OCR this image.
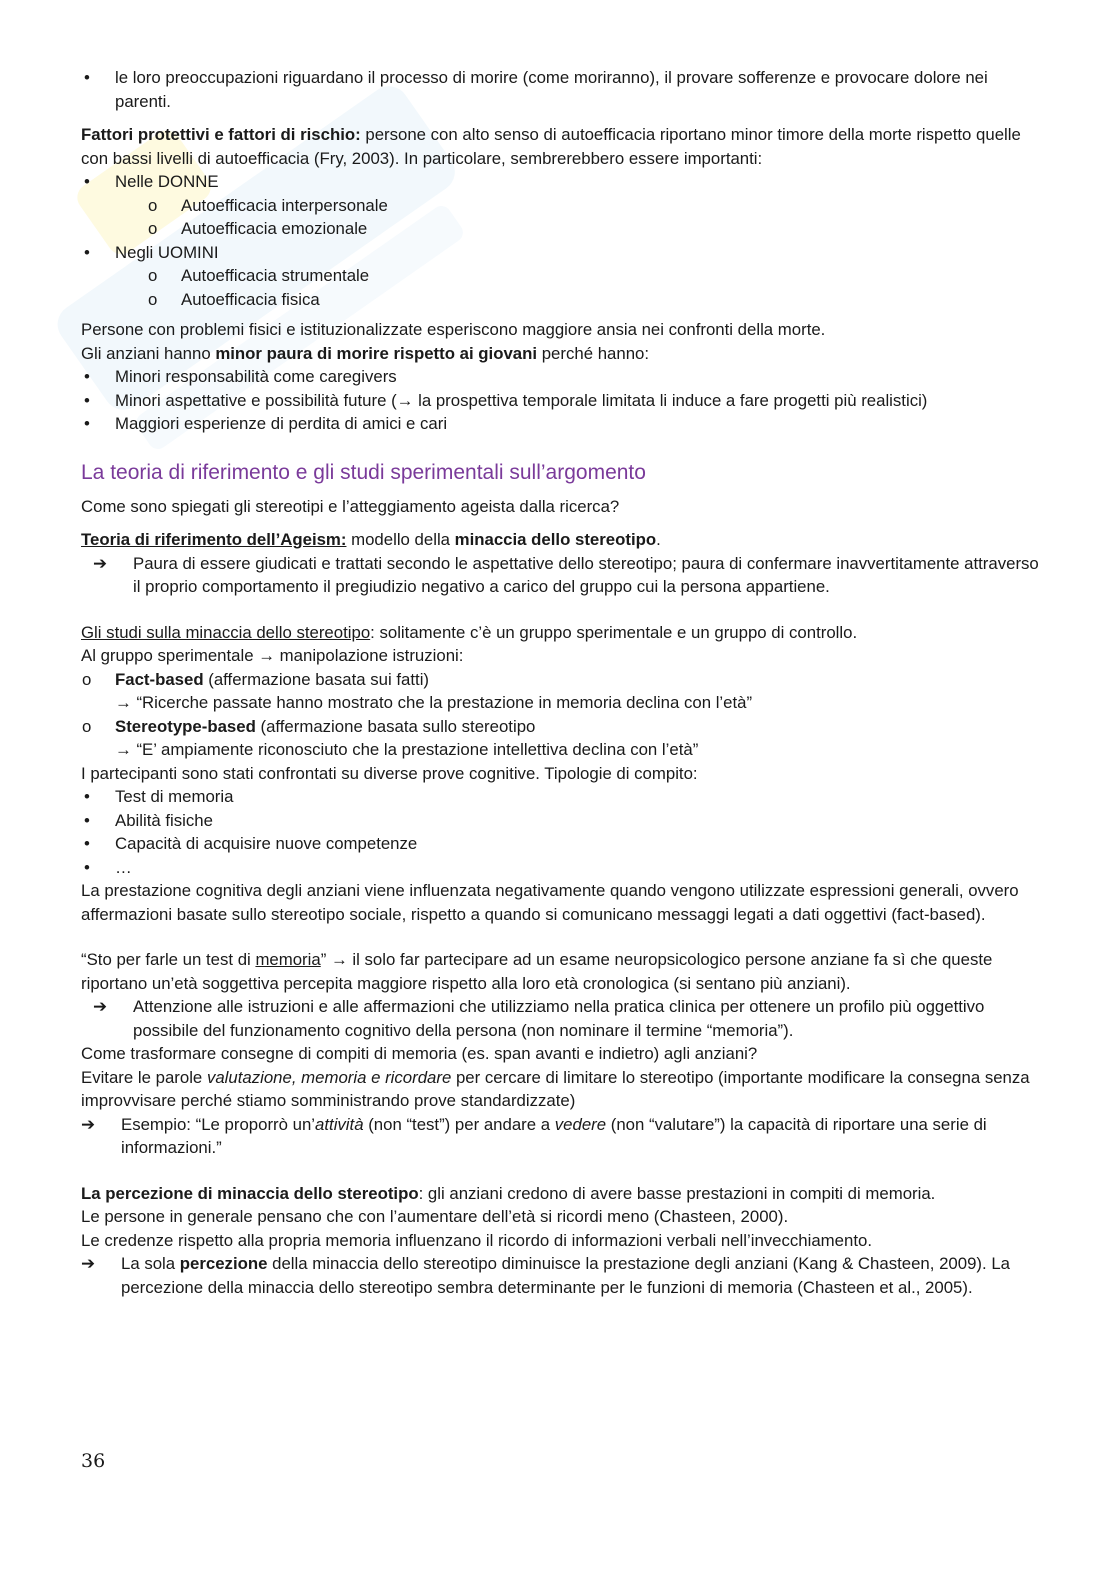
• le loro preoccupazioni riguardano il processo di morire (come moriranno), il provare sofferenze e provocare dolore nei parenti.

Fattori protettivi e fattori di rischio: persone con alto senso di autoefficacia riportano minor timore della morte rispetto quelle con bassi livelli di autoefficacia (Fry, 2003). In particolare, sembrerebbero essere importanti:

• Nelle DONNE

o Autoefficacia interpersonale

o Autoefficacia emozionale

• Negli UOMINI

o Autoefficacia strumentale

o Autoefficacia fisica

Persone con problemi fisici e istituzionalizzate esperiscono maggiore ansia nei confronti della morte.

Gli anziani hanno minor paura di morire rispetto ai giovani perché hanno:

• Minori responsabilità come caregivers

• Minori aspettative e possibilità future (→ la prospettiva temporale limitata li induce a fare progetti più realistici)

• Maggiori esperienze di perdita di amici e cari

La teoria di riferimento e gli studi sperimentali sull’argomento

Come sono spiegati gli stereotipi e l’atteggiamento ageista dalla ricerca?

Teoria di riferimento dell’Ageism: modello della minaccia dello stereotipo.

➔ Paura di essere giudicati e trattati secondo le aspettative dello stereotipo; paura di confermare inavvertitamente attraverso il proprio comportamento il pregiudizio negativo a carico del gruppo cui la persona appartiene.

Gli studi sulla minaccia dello stereotipo: solitamente c’è un gruppo sperimentale e un gruppo di controllo.

Al gruppo sperimentale → manipolazione istruzioni:

o Fact-based (affermazione basata sui fatti)

→ “Ricerche passate hanno mostrato che la prestazione in memoria declina con l’età”

o Stereotype-based (affermazione basata sullo stereotipo

→ “E’ ampiamente riconosciuto che la prestazione intellettiva declina con l’età”

I partecipanti sono stati confrontati su diverse prove cognitive. Tipologie di compito:

• Test di memoria

• Abilità fisiche

• Capacità di acquisire nuove competenze

• …

La prestazione cognitiva degli anziani viene influenzata negativamente quando vengono utilizzate espressioni generali, ovvero affermazioni basate sullo stereotipo sociale, rispetto a quando si comunicano messaggi legati a dati oggettivi (fact-based).

“Sto per farle un test di memoria” → il solo far partecipare ad un esame neuropsicologico persone anziane fa sì che queste riportano un’età soggettiva percepita maggiore rispetto alla loro età cronologica (si sentano più anziani).

➔ Attenzione alle istruzioni e alle affermazioni che utilizziamo nella pratica clinica per ottenere un profilo più oggettivo possibile del funzionamento cognitivo della persona (non nominare il termine “memoria”).

Come trasformare consegne di compiti di memoria (es. span avanti e indietro) agli anziani?

Evitare le parole valutazione, memoria e ricordare per cercare di limitare lo stereotipo (importante modificare la consegna senza improvvisare perché stiamo somministrando prove standardizzate)

➔ Esempio: “Le proporrò un’attività (non “test”) per andare a vedere (non “valutare”) la capacità di riportare una serie di informazioni.”

La percezione di minaccia dello stereotipo: gli anziani credono di avere basse prestazioni in compiti di memoria.

Le persone in generale pensano che con l’aumentare dell’età si ricordi meno (Chasteen, 2000).

Le credenze rispetto alla propria memoria influenzano il ricordo di informazioni verbali nell’invecchiamento.

➔ La sola percezione della minaccia dello stereotipo diminuisce la prestazione degli anziani (Kang & Chasteen, 2009). La percezione della minaccia dello stereotipo sembra determinante per le funzioni di memoria (Chasteen et al., 2005).

36
